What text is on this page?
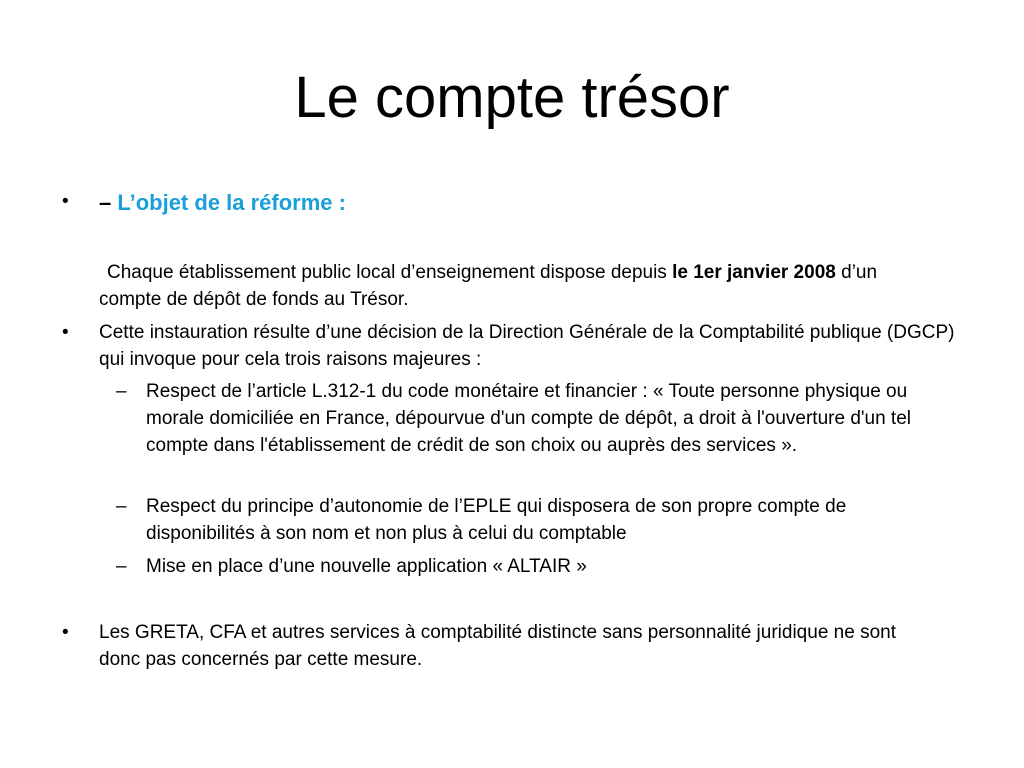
Le compte trésor
• – L’objet de la réforme :
Chaque établissement public local d’enseignement dispose depuis le 1er janvier 2008 d’un compte de dépôt de fonds au Trésor.
• Cette instauration résulte d’une décision de la Direction Générale de la Comptabilité publique (DGCP) qui invoque pour cela trois raisons majeures :
– Respect de l’article L.312-1 du code monétaire et financier : « Toute personne physique ou morale domiciliée en France, dépourvue d'un compte de dépôt, a droit à l'ouverture d'un tel compte dans l'établissement de crédit de son choix ou auprès des services ».
– Respect du principe d’autonomie de l’EPLE qui disposera de son propre compte de disponibilités à son nom et non plus à celui du comptable
– Mise en place d’une nouvelle application « ALTAIR »
• Les GRETA, CFA et autres services à comptabilité distincte sans personnalité juridique ne sont donc pas concernés par cette mesure.
